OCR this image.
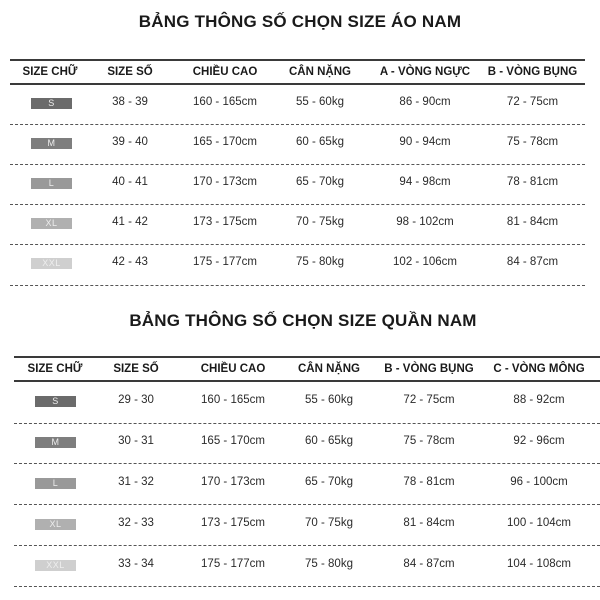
BẢNG THÔNG SỐ CHỌN SIZE ÁO NAM
SIZE CHỮ	SIZE SỐ	CHIỀU CAO	CÂN NẶNG	A - VÒNG NGỰC	B - VÒNG BỤNG
S	38 - 39	160 - 165cm	55 - 60kg	86 - 90cm	72 - 75cm
M	39 - 40	165 - 170cm	60 - 65kg	90 - 94cm	75 - 78cm
L	40 - 41	170 - 173cm	65 - 70kg	94 - 98cm	78 - 81cm
XL	41 - 42	173 - 175cm	70 - 75kg	98 - 102cm	81 - 84cm
XXL	42 - 43	175 - 177cm	75 - 80kg	102 - 106cm	84 - 87cm
BẢNG THÔNG SỐ CHỌN SIZE QUẦN NAM
SIZE CHỮ	SIZE SỐ	CHIỀU CAO	CÂN NẶNG	B - VÒNG BỤNG	C - VÒNG MÔNG
S	29 - 30	160 - 165cm	55 - 60kg	72 - 75cm	88 - 92cm
M	30 - 31	165 - 170cm	60 - 65kg	75 - 78cm	92 - 96cm
L	31 - 32	170 - 173cm	65 - 70kg	78 - 81cm	96 - 100cm
XL	32 - 33	173 - 175cm	70 - 75kg	81 - 84cm	100 - 104cm
XXL	33 - 34	175 - 177cm	75 - 80kg	84 - 87cm	104 - 108cm
